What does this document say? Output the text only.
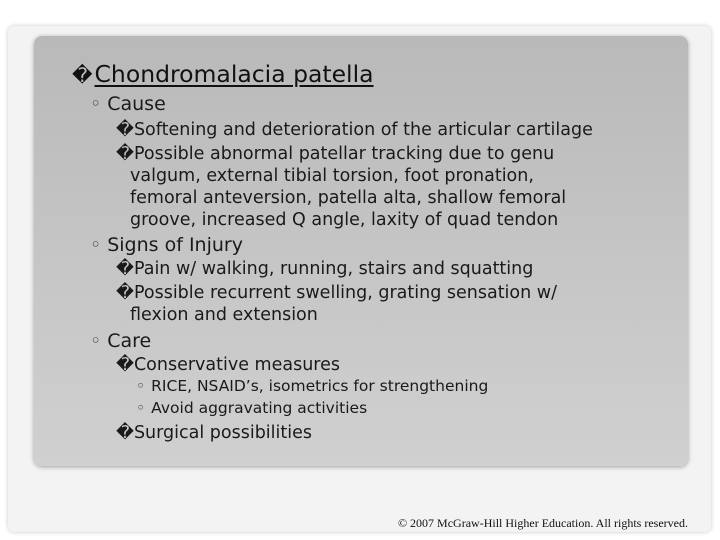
�Chondromalacia patella
◦ Cause
�Softening and deterioration of the articular cartilage
�Possible abnormal patellar tracking due to genu
valgum, external tibial torsion, foot pronation,
femoral anteversion, patella alta, shallow femoral
groove, increased Q angle, laxity of quad tendon
◦ Signs of Injury
�Pain w/ walking, running, stairs and squatting
�Possible recurrent swelling, grating sensation w/
flexion and extension
◦ Care
�Conservative measures
◦ RICE, NSAID’s, isometrics for strengthening
◦ Avoid aggravating activities
�Surgical possibilities
© 2007 McGraw-Hill Higher Education. All rights reserved.
